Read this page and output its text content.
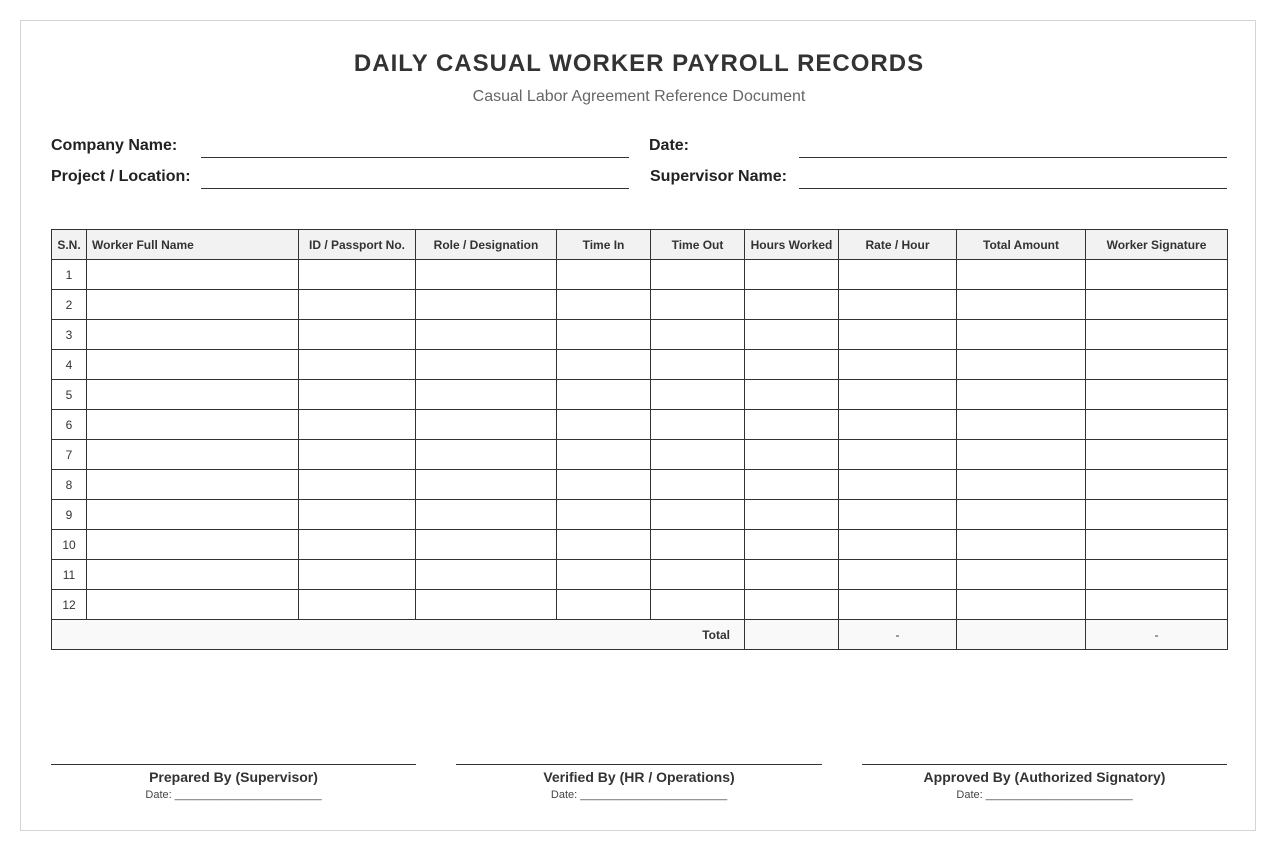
DAILY CASUAL WORKER PAYROLL RECORDS
Casual Labor Agreement Reference Document
Company Name:	Date:
Project / Location:	Supervisor Name:
S.N.	Worker Full Name	ID / Passport No.	Role / Designation	Time In	Time Out	Hours Worked	Rate / Hour	Total Amount	Worker Signature
1									
2									
3									
4									
5									
6									
7									
8									
9									
10									
11									
12									
Total							-		-
Prepared By (Supervisor)
Date: ________________________
Verified By (HR / Operations)
Date: ________________________
Approved By (Authorized Signatory)
Date: ________________________
